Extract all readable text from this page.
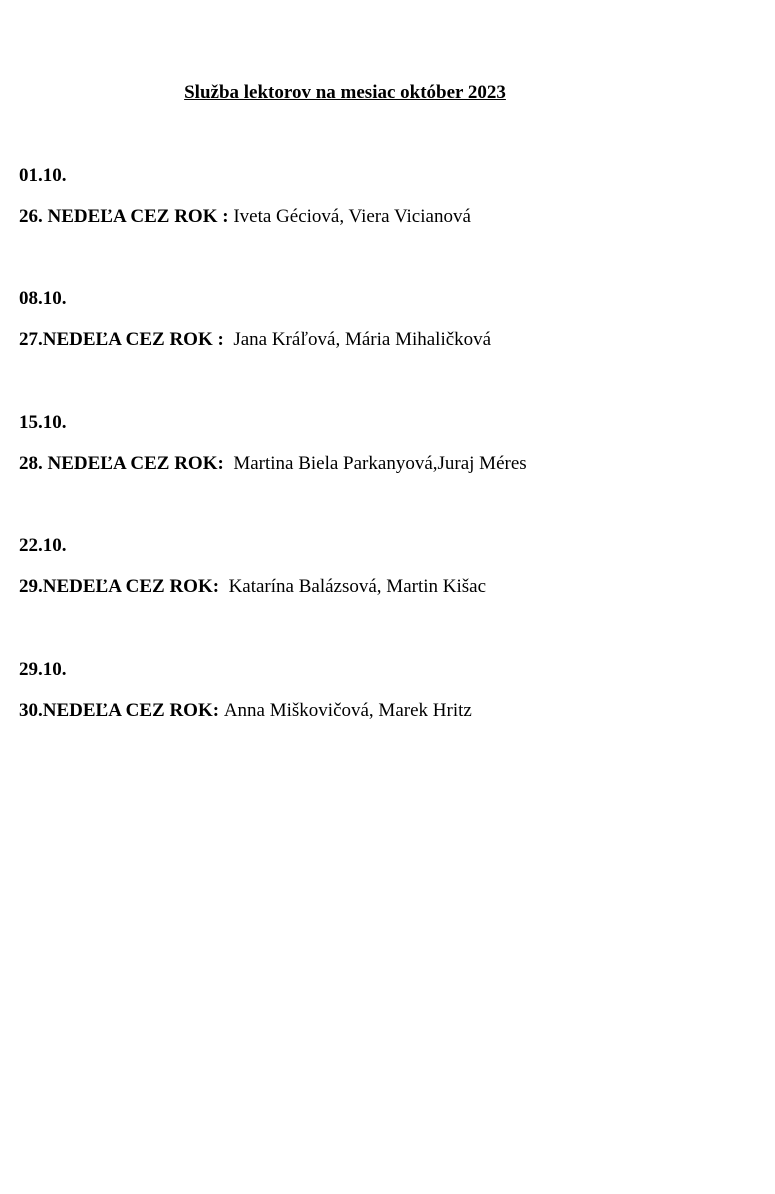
Služba lektorov na mesiac október 2023
01.10.
26. NEDEĽA CEZ ROK : Iveta Géciová, Viera Vicianová
08.10.
27.NEDEĽA CEZ ROK :  Jana Kráľová, Mária Mihaličková
15.10.
28. NEDEĽA CEZ ROK:  Martina Biela Parkanyová,Juraj Méres
22.10.
29.NEDEĽA CEZ ROK:  Katarína Balázsová, Martin Kišac
29.10.
30.NEDEĽA CEZ ROK: Anna Miškovičová, Marek Hritz
